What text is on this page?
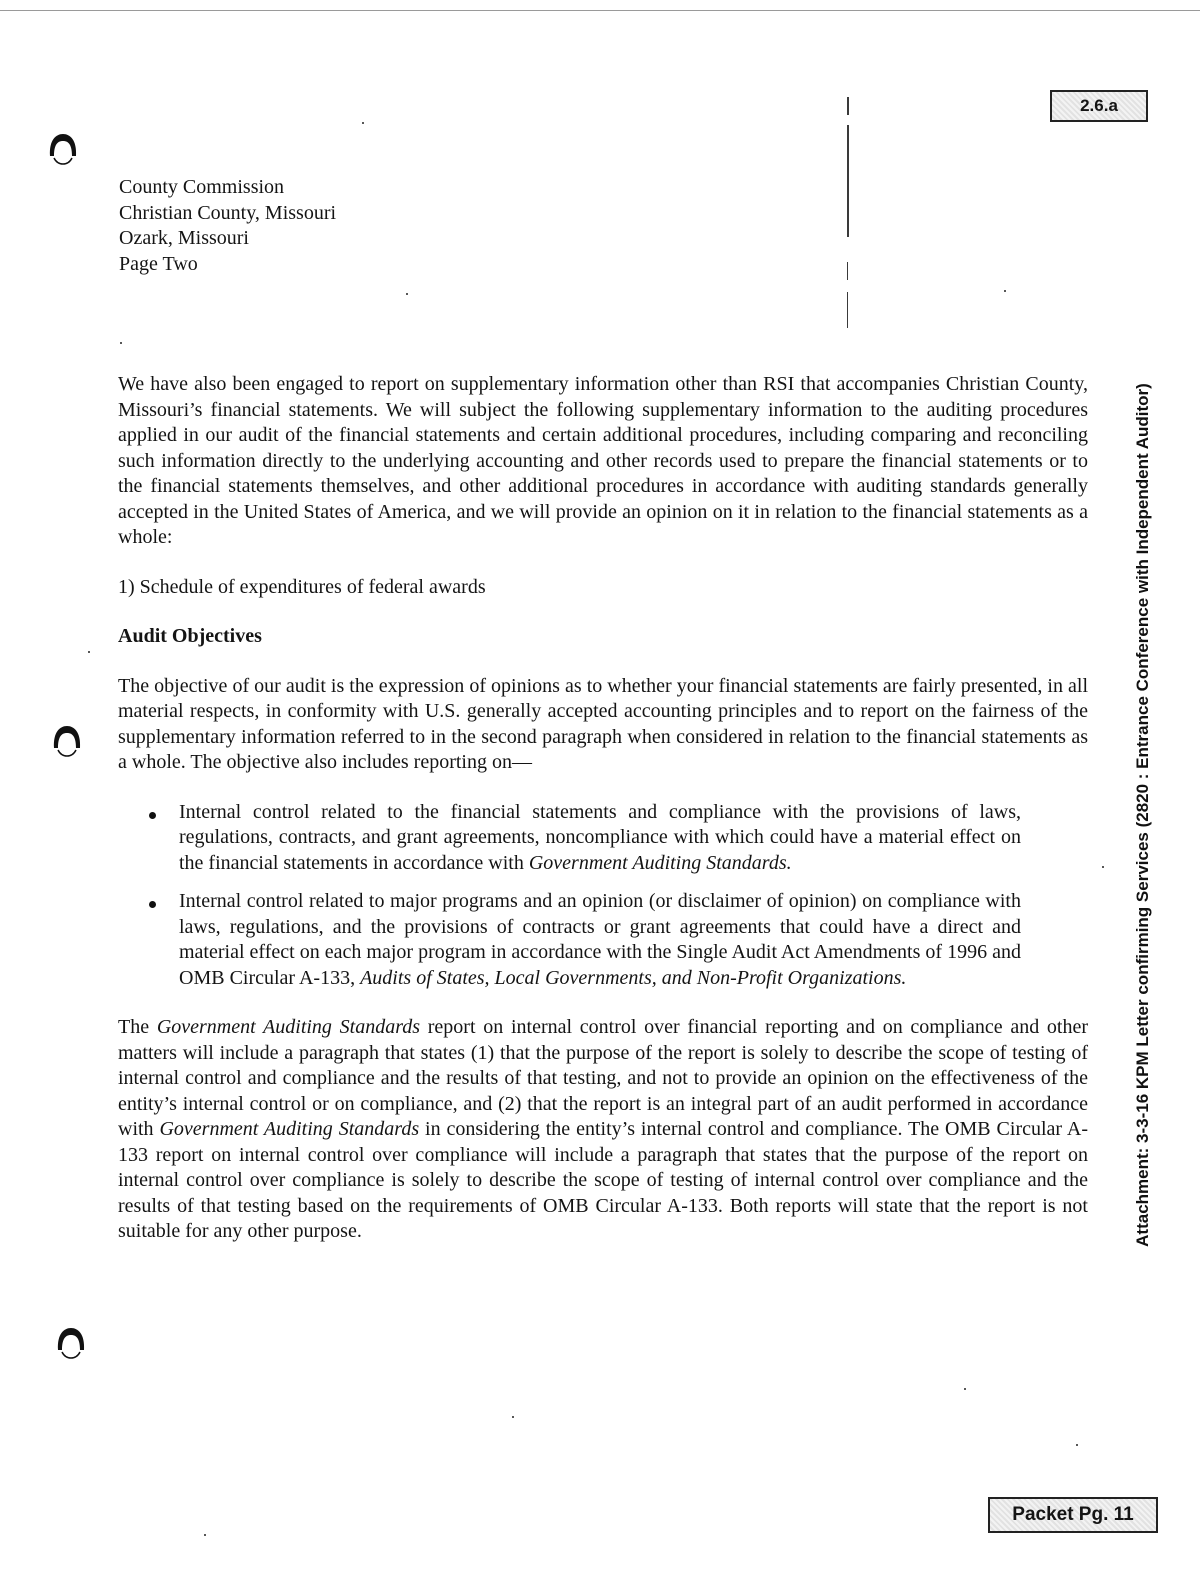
2.6.a
Attachment: 3-3-16 KPM Letter confirming Services (2820 : Entrance Conference with Independent Auditor)
Packet Pg. 11
County Commission
Christian County, Missouri
Ozark, Missouri
Page Two

We have also been engaged to report on supplementary information other than RSI that accompanies Christian County, Missouri’s financial statements. We will subject the following supplementary information to the auditing procedures applied in our audit of the financial statements and certain additional procedures, including comparing and reconciling such information directly to the underlying accounting and other records used to prepare the financial statements or to the financial statements themselves, and other additional procedures in accordance with auditing standards generally accepted in the United States of America, and we will provide an opinion on it in relation to the financial statements as a whole:

1) Schedule of expenditures of federal awards

Audit Objectives

The objective of our audit is the expression of opinions as to whether your financial statements are fairly presented, in all material respects, in conformity with U.S. generally accepted accounting principles and to report on the fairness of the supplementary information referred to in the second paragraph when considered in relation to the financial statements as a whole. The objective also includes reporting on—

Internal control related to the financial statements and compliance with the provisions of laws, regulations, contracts, and grant agreements, noncompliance with which could have a material effect on the financial statements in accordance with Government Auditing Standards.
Internal control related to major programs and an opinion (or disclaimer of opinion) on compliance with laws, regulations, and the provisions of contracts or grant agreements that could have a direct and material effect on each major program in accordance with the Single Audit Act Amendments of 1996 and OMB Circular A-133, Audits of States, Local Governments, and Non-Profit Organizations.

The Government Auditing Standards report on internal control over financial reporting and on compliance and other matters will include a paragraph that states (1) that the purpose of the report is solely to describe the scope of testing of internal control and compliance and the results of that testing, and not to provide an opinion on the effectiveness of the entity’s internal control or on compliance, and (2) that the report is an integral part of an audit performed in accordance with Government Auditing Standards in considering the entity’s internal control and compliance. The OMB Circular A-133 report on internal control over compliance will include a paragraph that states that the purpose of the report on internal control over compliance is solely to describe the scope of testing of internal control over compliance and the results of that testing based on the requirements of OMB Circular A-133. Both reports will state that the report is not suitable for any other purpose.
